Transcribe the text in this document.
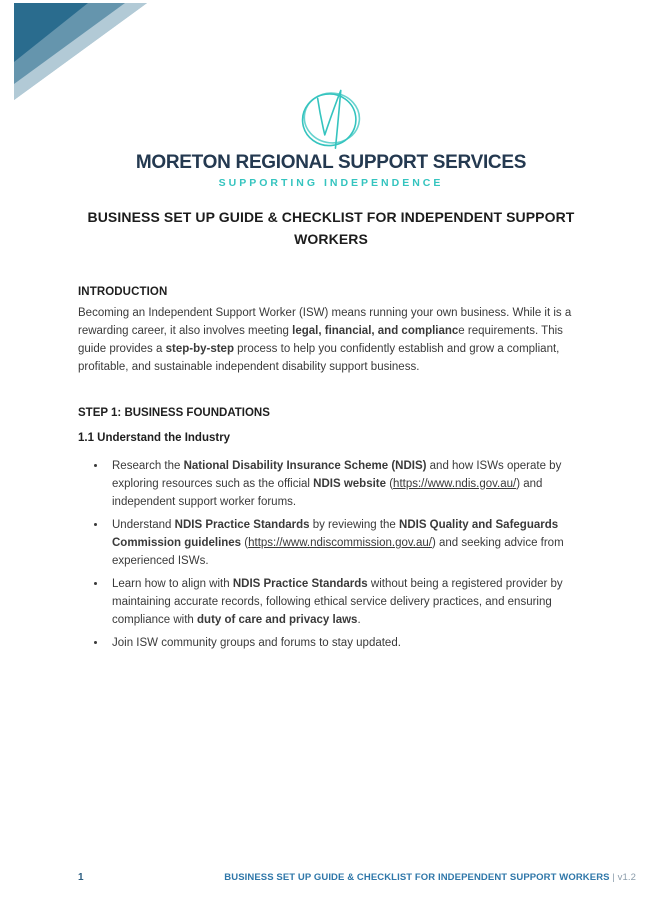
MORETON REGIONAL SUPPORT SERVICES
SUPPORTING INDEPENDENCE
BUSINESS SET UP GUIDE & CHECKLIST FOR INDEPENDENT SUPPORT WORKERS
INTRODUCTION

Becoming an Independent Support Worker (ISW) means running your own business. While it is a rewarding career, it also involves meeting legal, financial, and compliance requirements. This guide provides a step-by-step process to help you confidently establish and grow a compliant, profitable, and sustainable independent disability support business.

STEP 1: BUSINESS FOUNDATIONS
1.1 Understand the Industry
• Research the National Disability Insurance Scheme (NDIS) and how ISWs operate by exploring resources such as the official NDIS website (https://www.ndis.gov.au/) and independent support worker forums.
• Understand NDIS Practice Standards by reviewing the NDIS Quality and Safeguards Commission guidelines (https://www.ndiscommission.gov.au/) and seeking advice from experienced ISWs.
• Learn how to align with NDIS Practice Standards without being a registered provider by maintaining accurate records, following ethical service delivery practices, and ensuring compliance with duty of care and privacy laws.
• Join ISW community groups and forums to stay updated.
1	BUSINESS SET UP GUIDE & CHECKLIST FOR INDEPENDENT SUPPORT WORKERS | v1.2
